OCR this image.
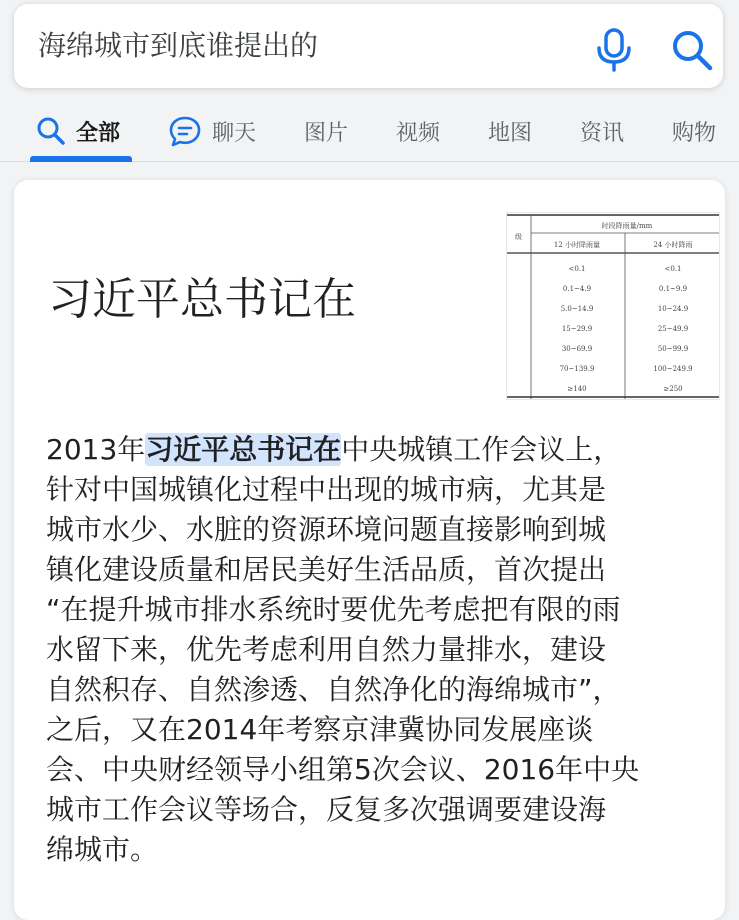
海绵城市到底谁提出的
全部	聊天 图片 视频 地图 资讯 购物
习近平总书记在
时段降雨量/mm
12 小时降雨量	24 小时降雨
级
<0.1	<0.1
0.1~4.9	0.1~9.9
5.0~14.9	10~24.9
15~29.9	25~49.9
30~69.9	50~99.9
70~139.9	100~249.9
≥140	≥250
2013年习近平总书记在中央城镇工作会议上，
针对中国城镇化过程中出现的城市病，尤其是
城市水少、水脏的资源环境问题直接影响到城
镇化建设质量和居民美好生活品质，首次提出
“在提升城市排水系统时要优先考虑把有限的雨
水留下来，优先考虑利用自然力量排水，建设
自然积存、自然渗透、自然净化的海绵城市”，
之后，又在2014年考察京津冀协同发展座谈
会、中央财经领导小组第5次会议、2016年中央
城市工作会议等场合，反复多次强调要建设海
绵城市。
